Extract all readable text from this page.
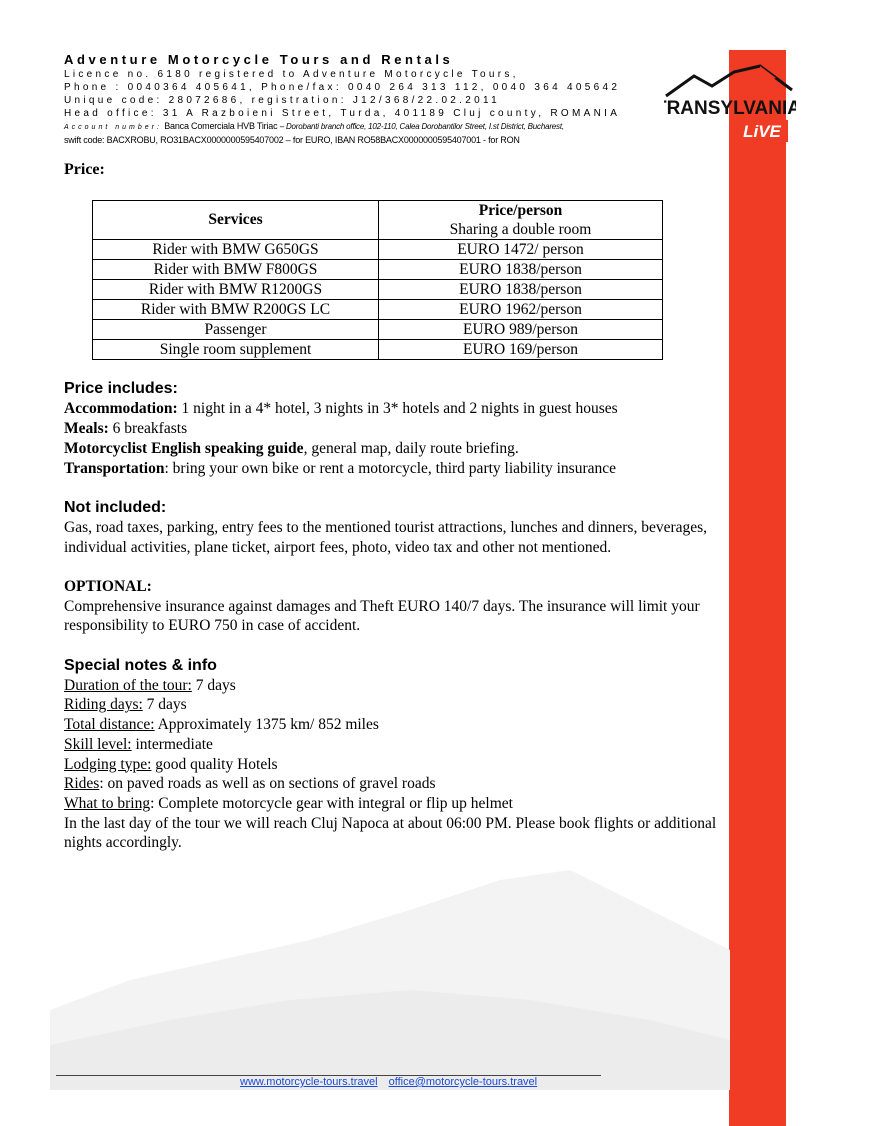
TRANSYLVANIA
LiVE
Adventure Motorcycle Tours and Rentals
Licence no. 6180 registered to Adventure Motorcycle Tours,
Phone : 0040364 405641, Phone/fax: 0040 264 313 112, 0040 364 405642
Unique code: 28072686, registration: J12/368/22.02.2011
Head office: 31 A Razboieni Street, Turda, 401189 Cluj county, ROMANIA
Account number: Banca Comerciala HVB Tiriac – Dorobanti branch office, 102-110, Calea Dorobantilor Street, I.st District, Bucharest,
swift code: BACXROBU, RO31BACX0000000595407002 – for EURO, IBAN RO58BACX0000000595407001 - for RON
Price:
Services	Price/person
Sharing a double room

Rider with BMW G650GS	EURO 1472/ person
Rider with BMW F800GS	EURO 1838/person
Rider with BMW R1200GS	EURO 1838/person
Rider with BMW R200GS LC	EURO 1962/person
Passenger	EURO 989/person
Single room supplement	EURO 169/person
Price includes:
Accommodation: 1 night in a 4* hotel, 3 nights in 3* hotels and 2 nights in guest houses
Meals: 6 breakfasts
Motorcyclist English speaking guide, general map, daily route briefing.
Transportation: bring your own bike or rent a motorcycle, third party liability insurance
Not included:
Gas, road taxes, parking, entry fees to the mentioned tourist attractions, lunches and dinners, beverages, individual activities, plane ticket, airport fees, photo, video tax and other not mentioned.
OPTIONAL:
Comprehensive insurance against damages and Theft EURO 140/7 days. The insurance will limit your responsibility to EURO 750 in case of accident.
Special notes & info
Duration of the tour: 7 days
Riding days: 7 days
Total distance: Approximately 1375 km/ 852 miles
Skill level: intermediate
Lodging type: good quality Hotels
Rides: on paved roads as well as on sections of gravel roads
What to bring: Complete motorcycle gear with integral or flip up helmet
In the last day of the tour we will reach Cluj Napoca at about 06:00 PM. Please book flights or additional nights accordingly.
www.motorcycle-tours.travel office@motorcycle-tours.travel
